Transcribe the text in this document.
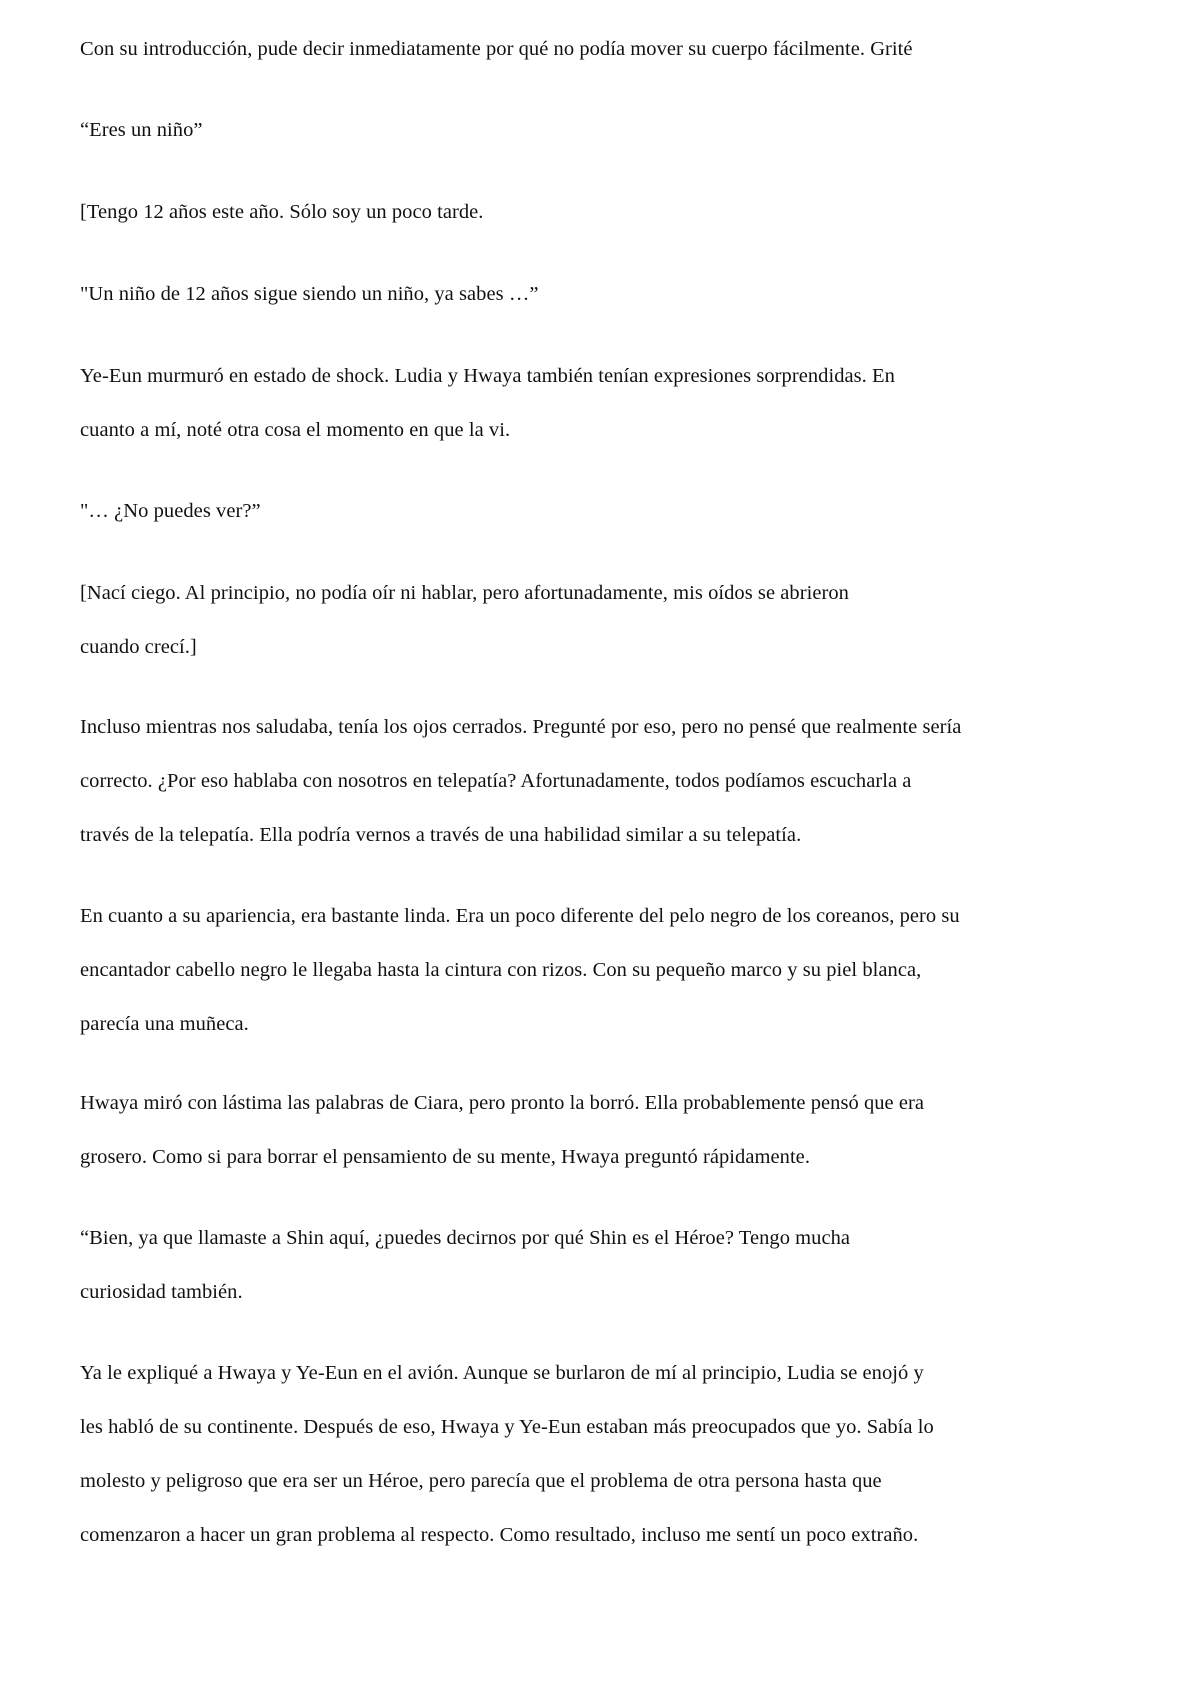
Con su introducción, pude decir inmediatamente por qué no podía mover su cuerpo fácilmente. Grité

“Eres un niño”

[Tengo 12 años este año. Sólo soy un poco tarde.

"Un niño de 12 años sigue siendo un niño, ya sabes …”

Ye-Eun murmuró en estado de shock. Ludia y Hwaya también tenían expresiones sorprendidas. En
cuanto a mí, noté otra cosa el momento en que la vi.

"… ¿No puedes ver?”

[Nací ciego. Al principio, no podía oír ni hablar, pero afortunadamente, mis oídos se abrieron
cuando crecí.]

Incluso mientras nos saludaba, tenía los ojos cerrados. Pregunté por eso, pero no pensé que realmente sería
correcto. ¿Por eso hablaba con nosotros en telepatía? Afortunadamente, todos podíamos escucharla a
través de la telepatía. Ella podría vernos a través de una habilidad similar a su telepatía.

En cuanto a su apariencia, era bastante linda. Era un poco diferente del pelo negro de los coreanos, pero su
encantador cabello negro le llegaba hasta la cintura con rizos. Con su pequeño marco y su piel blanca,
parecía una muñeca.

Hwaya miró con lástima las palabras de Ciara, pero pronto la borró. Ella probablemente pensó que era
grosero. Como si para borrar el pensamiento de su mente, Hwaya preguntó rápidamente.

“Bien, ya que llamaste a Shin aquí, ¿puedes decirnos por qué Shin es el Héroe? Tengo mucha
curiosidad también.

Ya le expliqué a Hwaya y Ye-Eun en el avión. Aunque se burlaron de mí al principio, Ludia se enojó y
les habló de su continente. Después de eso, Hwaya y Ye-Eun estaban más preocupados que yo. Sabía lo
molesto y peligroso que era ser un Héroe, pero parecía que el problema de otra persona hasta que
comenzaron a hacer un gran problema al respecto. Como resultado, incluso me sentí un poco extraño.
